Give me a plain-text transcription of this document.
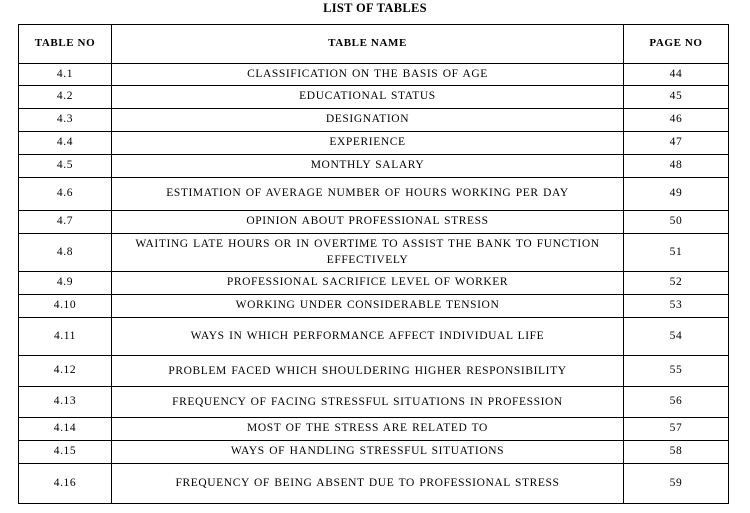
LIST OF TABLES
TABLE NO	TABLE NAME	PAGE NO
4.1	CLASSIFICATION ON THE BASIS OF AGE	44
4.2	EDUCATIONAL STATUS	45
4.3	DESIGNATION	46
4.4	EXPERIENCE	47
4.5	MONTHLY SALARY	48
4.6	ESTIMATION OF AVERAGE NUMBER OF HOURS WORKING PER DAY	49
4.7	OPINION ABOUT PROFESSIONAL STRESS	50
4.8	WAITING LATE HOURS OR IN OVERTIME TO ASSIST THE BANK TO FUNCTION EFFECTIVELY	51
4.9	PROFESSIONAL SACRIFICE LEVEL OF WORKER	52
4.10	WORKING UNDER CONSIDERABLE TENSION	53
4.11	WAYS IN WHICH PERFORMANCE AFFECT INDIVIDUAL LIFE	54
4.12	PROBLEM FACED WHICH SHOULDERING HIGHER RESPONSIBILITY	55
4.13	FREQUENCY OF FACING STRESSFUL SITUATIONS IN PROFESSION	56
4.14	MOST OF THE STRESS ARE RELATED TO	57
4.15	WAYS OF HANDLING STRESSFUL SITUATIONS	58
4.16	FREQUENCY OF BEING ABSENT DUE TO PROFESSIONAL STRESS	59
